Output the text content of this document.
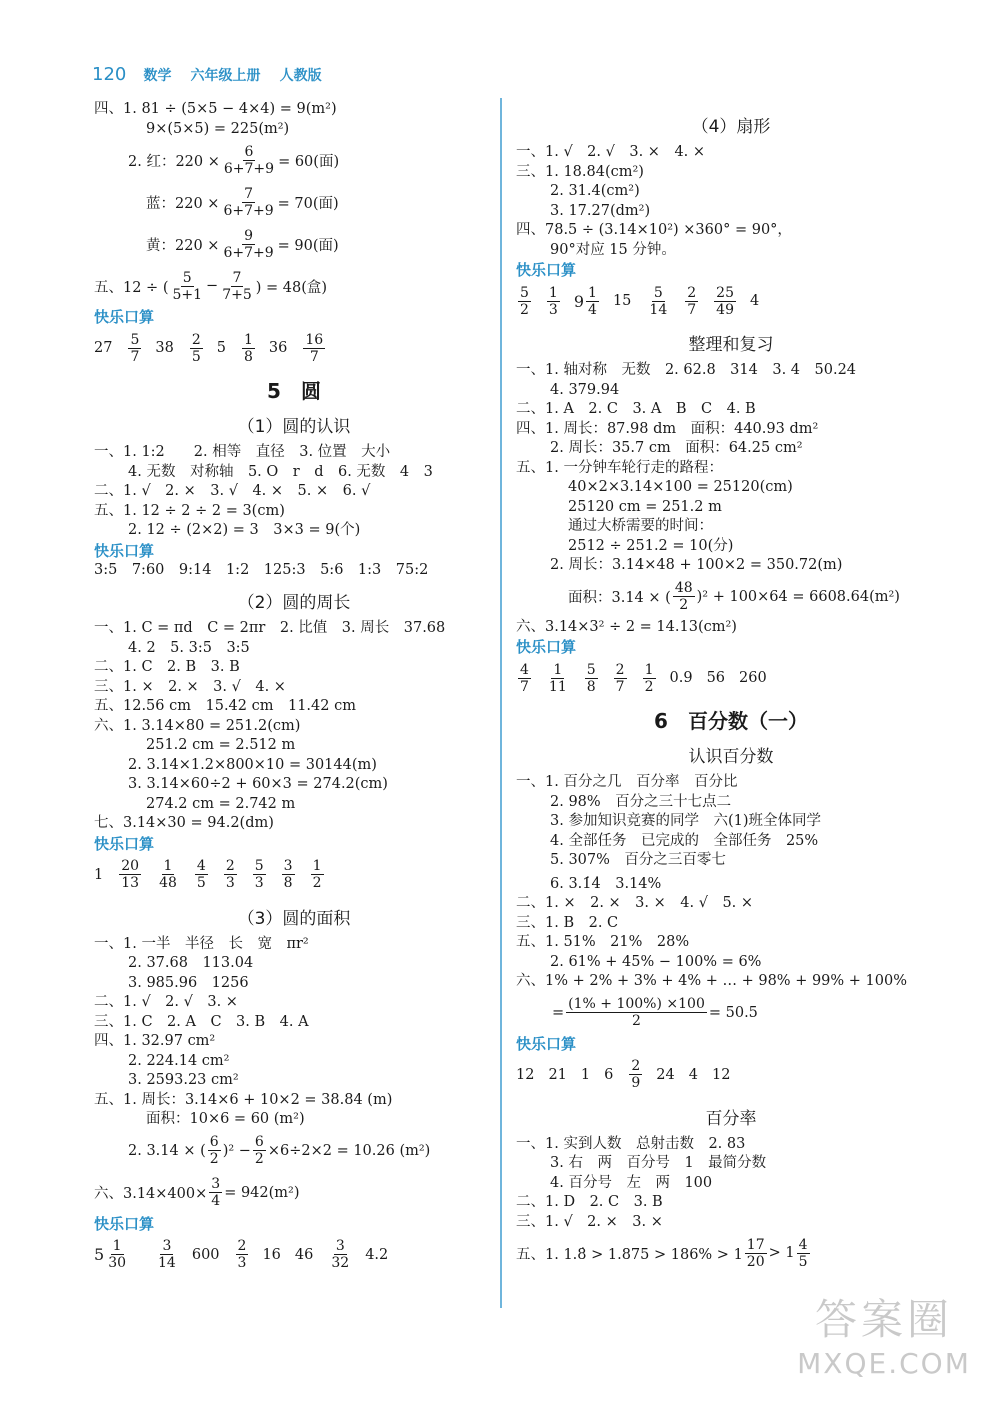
120 数学 六年级上册 人教版
四、1. 81 ÷ (5×5 − 4×4) = 9(m²)
9×(5×5) = 225(m²)
2. 红：$220 \times \frac{6}{6+7+9} = 60$(面)
蓝：$220 \times \frac{7}{6+7+9} = 70$(面)
黄：$220 \times \frac{9}{6+7+9} = 90$(面)
五、12 ÷ ( $\frac{5}{5+1} - \frac{7}{7+5}$ ) = 48(盒)
快乐口算
$27 \frac{5}{7} 38 \frac{2}{5} 5 \frac{1}{8} 36 \frac{16}{7}$
5　圆
（1）圆的认识
一、1. 1:2　　2. 相等　直径　3. 位置　大小
4. 无数　对称轴　5. O　r　d　6. 无数　4　3
二、1. √　2. ×　3. √　4. ×　5. ×　6. √
五、1. 12 ÷ 2 ÷ 2 = 3(cm)
2. 12 ÷ (2×2) = 3　3×3 = 9(个)
快乐口算
3:5　7:60　9:14　1:2　125:3　5:6　1:3　75:2
（2）圆的周长
一、1. C = πd　C = 2πr　2. 比值　3. 周长　37.68
4. 2　5. 3:5　3:5
二、1. C　2. B　3. B
三、1. ×　2. ×　3. √　4. ×
五、12.56 cm　15.42 cm　11.42 cm
六、1. 3.14×80 = 251.2(cm)
251.2 cm = 2.512 m
2. 3.14×1.2×800×10 = 30144(m)
3. 3.14×60÷2 + 60×3 = 274.2(cm)
274.2 cm = 2.742 m
七、3.14×30 = 94.2(dm)
快乐口算
$1 \frac{20}{13} \frac{1}{48} \frac{4}{5} \frac{2}{3} \frac{5}{3} \frac{3}{8} \frac{1}{2}$
（3）圆的面积
一、1. 一半　半径　长　宽　πr²
2. 37.68　113.04
3. 985.96　1256
二、1. √　2. √　3. ×
三、1. C　2. A　C　3. B　4. A
四、1. 32.97 cm²
2. 224.14 cm²
3. 2593.23 cm²
五、1. 周长：3.14×6 + 10×2 = 38.84 (m)
面积：10×6 = 60 (m²)
2. 3.14 × ( $\frac{6}{2} )^2 - \frac{6}{2} \times 6\div 2\times 2 = 10.26$ (m²)
六、$3.14\times 400\times \frac{3}{4} = 942(m^2)$
快乐口算
$5 \frac{1}{30} \frac{3}{14} 600 \frac{2}{3} 16$ $46 \frac{3}{32} 4.2$
（4）扇形
一、1. √　2. √　3. ×　4. ×
三、1. 18.84(cm²)
2. 31.4(cm²)
3. 17.27(dm²)
四、78.5 ÷ (3.14×10²) ×360° = 90°，
90°对应 15 分钟。
快乐口算
$\frac{5}{2} \frac{1}{3} 9 \frac{1}{4} 15 \frac{5}{14} \frac{2}{7} \frac{25}{49} 4$
整理和复习
一、1. 轴对称　无数　2. 62.8　314　3. 4　50.24
4. 379.94
二、1. A　2. C　3. A　B　C　4. B
四、1. 周长：87.98 dm　面积：440.93 dm²
2. 周长：35.7 cm　面积：64.25 cm²
五、1. 一分钟车轮行走的路程：
40×2×3.14×100 = 25120(cm)
25120 cm = 251.2 m
通过大桥需要的时间：
2512 ÷ 251.2 = 10(分)
2. 周长：3.14×48 + 100×2 = 350.72(m)
面积：3.14 × ( $\frac{48}{2} )^2 + 100\times 64 = 6608.64(m^2)$
六、3.14×3² ÷ 2 = 14.13(cm²)
快乐口算
$\frac{4}{7} \frac{1}{11} \frac{5}{8} \frac{2}{7} \frac{1}{2} 0.9$ 56 260
6　百分数（一）
认识百分数
一、1. 百分之几　百分率　百分比
2. 98%　百分之三十七点二
3. 参加知识竞赛的同学　六(1)班全体同学
4. 全部任务　已完成的　全部任务　25%
5. 307%　百分之三百零七
6. 3.1̇4̇　3.14%
二、1. ×　2. ×　3. ×　4. √　5. ×
三、1. B　2. C
五、1. 51%　21%　28%
2. 61% + 45% − 100% = 6%
六、1% + 2% + 3% + 4% + … + 98% + 99% + 100%
= $\frac{(1\% + 100\%) \times 100}{2} = 50.5$
快乐口算
12 21 1 $6 \frac{2}{9} 24$ 4 12
百分率
一、1. 实到人数　总射击数　2. 83
3. 右　两　百分号　1　最简分数
4. 百分号　左　两　100
二、1. D　2. C　3. B
三、1. √　2. ×　3. ×
五、1. 1.8̇ > $1.875 > 186\% > 1 \frac{17}{20} > 1 \frac{4}{5}$
答案圈
MXQE.COM
